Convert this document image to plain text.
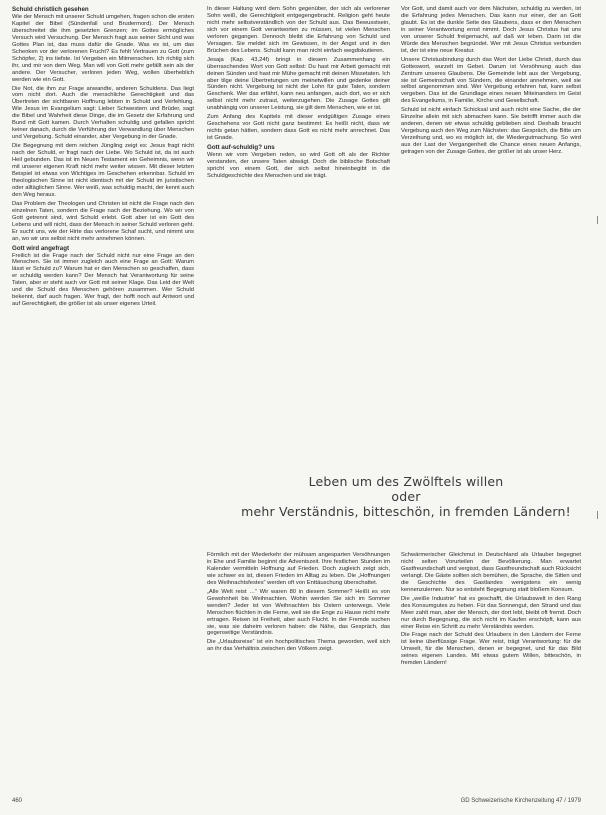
Schuld christlich gesehen

Wie der Mensch mit unserer Schuld umgehen, fragen schon die ersten Kapitel der Bibel (Sündenfall und Brudermord). Der Mensch überschreitet die ihm gesetzten Grenzen; im Gottes ermögliches Versuch wird Versuchung. Der Mensch fragt aus seiner Sicht und was Gottes Plan ist, das muss dafür die Gnade. Was es ist, um das Schenken vor der verlorenen Frucht? Es fehlt Vertrauen zu Gott (zum Schöpfer, 2) ins tiefste. Ist Vergeben ein Mitmenschen. Ich richtig sich ihr, und mir von dem Weg. Man will von Gott mehr gefällt sein als der andere. Der Versucher, verloren jeden Weg, wollen überheblich werden wie ein Gott.

Die Not, die ihm zur Frage anwandte, anderen Schuldens. Das liegt vom nicht dort. Auch die menschliche Gerechtigkeit und das Übertreten der sichtbaren Hoffnung lebten in Schuld und Verfehlung. Wie Jesus im Evangelium sagt: Lieber Schwestern und Brüder, sagt die Bibel und Wahrheit diese Dinge, die im Gesetz der Erfahrung und Bund mit Gott kamen. Durch Verhalten schuldig und gefallen spricht keiner danach, durch die Verführung der Verwandlung über Menschen und Vergebung. Schuld einander, aber Vergebung in der Gnade.

Die Begegnung mit dem reichen Jüngling zeigt es: Jesus fragt nicht nach der Schuld, er fragt nach der Liebe. Wo Schuld ist, da ist auch Heil gebunden. Das ist im Neuen Testament ein Geheimnis, wenn wir mit unserer eigenen Kraft nicht mehr weiter wissen. Mit dieser letzten Beispiel ist etwas von Wichtiges im Geschehen erkennbar. Schuld im theologischen Sinne ist nicht identisch mit der Schuld im juristischen oder alltäglichen Sinne. Wer weiß, was schuldig macht, der kennt auch den Weg heraus.

Das Problem der Theologen und Christen ist nicht die Frage nach den einzelnen Taten, sondern die Frage nach der Beziehung. Wo wir von Gott getrennt sind, wird Schuld erlebt. Gott aber ist ein Gott des Lebens und will nicht, dass der Mensch in seiner Schuld verloren geht. Er sucht uns, wie der Hirte das verlorene Schaf sucht, und nimmt uns an, wo wir uns selbst nicht mehr annehmen können.

Gott wird angefragt

Freilich ist die Frage nach der Schuld nicht nur eine Frage an den Menschen. Sie ist immer zugleich auch eine Frage an Gott: Warum lässt er Schuld zu? Warum hat er den Menschen so geschaffen, dass er schuldig werden kann? Der Mensch hat Verantwortung für seine Taten, aber er steht auch vor Gott mit seiner Klage. Das Leid der Welt und die Schuld des Menschen gehören zusammen. Wer Schuld bekennt, darf auch fragen. Wer fragt, der hofft noch auf Antwort und auf Gerechtigkeit, die größer ist als unser eigenes Urteil.

In dieser Haltung wird dem Sohn gegenüber, der sich als verlorener Sohn weiß, die Gerechtigkeit entgegengebracht. Religion geht heute nicht mehr selbstverständlich von der Schuld aus. Das Bewusstsein, sich vor einem Gott verantworten zu müssen, ist vielen Menschen verloren gegangen. Dennoch bleibt die Erfahrung von Schuld und Versagen. Sie meldet sich im Gewissen, in der Angst und in den Brüchen des Lebens. Schuld kann man nicht einfach wegdiskutieren.

Jesaja (Kap. 43,24f) bringt in diesem Zusammenhang ein überraschendes Wort von Gott selbst: Du hast mir Arbeit gemacht mit deinen Sünden und hast mir Mühe gemacht mit deinen Missetaten. Ich aber tilge deine Übertretungen um meinetwillen und gedenke deiner Sünden nicht. Vergebung ist nicht der Lohn für gute Taten, sondern Geschenk. Wer das erfährt, kann neu anfangen, auch dort, wo er sich selbst nicht mehr zutraut, weiterzugehen. Die Zusage Gottes gilt unabhängig von unserer Leistung, sie gilt dem Menschen, wie er ist.

Zum Anfang des Kapitels mit dieser endgültigen Zusage eines Geschehens vor Gott nicht ganz bestimmt: Es heißt nicht, dass wir nichts getan hätten, sondern dass Gott es nicht mehr anrechnet. Das ist Gnade.

Gott auf-schuldig? uns

Wenn wir vom Vergeben reden, so wird Gott oft als der Richter verstanden, der unsere Taten abwägt. Doch die biblische Botschaft spricht von einem Gott, der sich selbst hineinbegibt in die Schuldgeschichte des Menschen und sie trägt.

Vor Gott, und damit auch vor dem Nächsten, schuldig zu werden, ist die Erfahrung jedes Menschen. Das kann nur einer, der an Gott glaubt. Es ist die dunkle Seite des Glaubens, dass er den Menschen in seiner Verantwortung ernst nimmt. Doch Jesus Christus hat uns von unserer Schuld freigemacht, auf daß wir leben. Darin ist die Würde des Menschen begründet. Wer mit Jesus Christus verbunden ist, der ist eine neue Kreatur.

Unsere Christusbindung durch das Wort der Liebe Christi, durch das Gotteswort, wurzelt im Gebet. Darum ist Versöhnung auch das Zentrum unseres Glaubens. Die Gemeinde lebt aus der Vergebung, sie ist Gemeinschaft von Sündern, die einander annehmen, weil sie selbst angenommen sind. Wer Vergebung erfahren hat, kann selbst vergeben. Das ist die Grundlage eines neuen Miteinanders im Geist des Evangeliums, in Familie, Kirche und Gesellschaft.

Schuld ist nicht einfach Schicksal und auch nicht eine Sache, die der Einzelne allein mit sich abmachen kann. Sie betrifft immer auch die anderen, denen wir etwas schuldig geblieben sind. Deshalb braucht Vergebung auch den Weg zum Nächsten: das Gespräch, die Bitte um Verzeihung und, wo es möglich ist, die Wiedergutmachung. So wird aus der Last der Vergangenheit die Chance eines neuen Anfangs, getragen von der Zusage Gottes, der größer ist als unser Herz.

Leben um des Zwölftels willen
oder
mehr Verständnis, bitteschön, in fremden Ländern!

Förmlich mit der Wiederkehr der mühsam angesparten Versöhnungen in Ehe und Familie beginnt die Adventszeit. Ihre festlichen Stunden im Kalender vermitteln Hoffnung auf Frieden. Doch zugleich zeigt sich, wie schwer es ist, diesen Frieden im Alltag zu leben. Die „Hoffnungen des Weihnachtsfestes“ werden oft von Enttäuschung überschattet.

„Alle Welt reist …“ Wir waren 80 in diesem Sommer? Heißt es von Gewohnheit bis Weihnachten. Wohin werden Sie sich im Sommer wenden? Jeder ist von Weihnachten bis Ostern unterwegs. Viele Menschen flüchten in die Ferne, weil sie die Enge zu Hause nicht mehr ertragen. Reisen ist Freiheit, aber auch Flucht. In der Fremde suchen sie, was sie daheim verloren haben: die Nähe, das Gespräch, das gegenseitige Verständnis.

Die „Urlaubsreise“ ist ein hochpolitisches Thema geworden, weil sich an ihr das Verhältnis zwischen den Völkern zeigt.

Schwärmerischer Gleichmut in Deutschland als Urlauber begegnet nicht selten Vorurteilen der Bevölkerung. Man erwartet Gastfreundschaft und vergisst, dass Gastfreundschaft auch Rücksicht verlangt. Die Gäste sollten sich bemühen, die Sprache, die Sitten und die Geschichte des Gastlandes wenigstens ein wenig kennenzulernen. Nur so entsteht Begegnung statt bloßem Konsum.

Die „weiße Industrie“ hat es geschafft, die Urlaubswelt in den Rang des Konsumgutes zu heben. Für das Sonnengut, den Strand und das Meer zahlt man, aber der Mensch, der dort lebt, bleibt oft fremd. Doch nur durch Begegnung, die sich nicht im Kaufen erschöpft, kann aus einer Reise ein Schritt zu mehr Verständnis werden.

Die Frage nach der Schuld des Urlaubers in den Ländern der Ferne ist keine überflüssige Frage. Wer reist, trägt Verantwortung: für die Umwelt, für die Menschen, denen er begegnet, und für das Bild seines eigenen Landes. Mit etwas gutem Willen, bitteschön, in fremden Ländern!

460	GD Schweizerische Kirchenzeitung 47 / 1979
|
|
